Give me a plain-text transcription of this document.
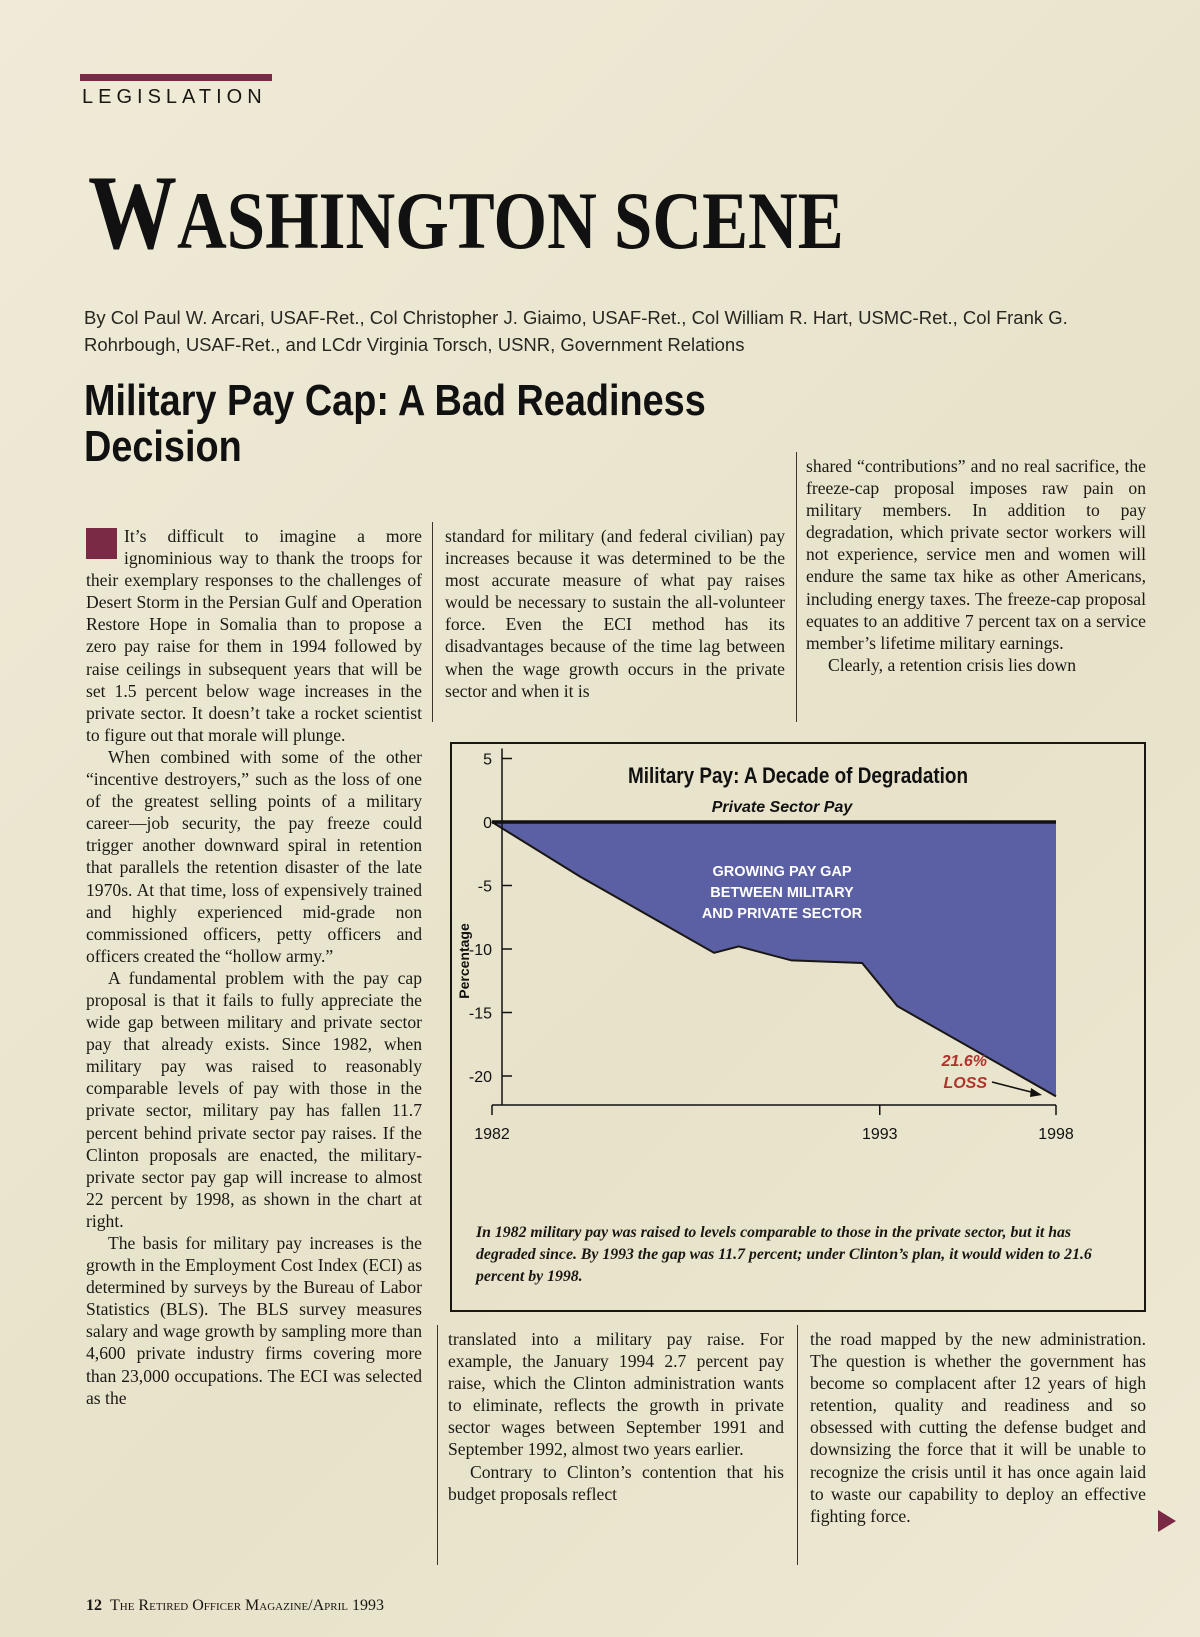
LEGISLATION
WASHINGTON SCENE
By Col Paul W. Arcari, USAF-Ret., Col Christopher J. Giaimo, USAF-Ret., Col William R. Hart, USMC-Ret., Col Frank G. Rohrbough, USAF-Ret., and LCdr Virginia Torsch, USNR, Government Relations
Military Pay Cap: A Bad Readiness Decision

It’s difficult to imagine a more ignominious way to thank the troops for their exemplary responses to the challenges of Desert Storm in the Persian Gulf and Operation Restore Hope in Somalia than to propose a zero pay raise for them in 1994 followed by raise ceilings in subsequent years that will be set 1.5 percent below wage increases in the private sector. It doesn’t take a rocket scientist to figure out that morale will plunge.

When combined with some of the other “incentive destroyers,” such as the loss of one of the greatest selling points of a military career—job security, the pay freeze could trigger another downward spiral in retention that parallels the retention disaster of the late 1970s. At that time, loss of expensively trained and highly experienced mid-grade non commissioned officers, petty officers and officers created the “hollow army.”

A fundamental problem with the pay cap proposal is that it fails to fully appreciate the wide gap between military and private sector pay that already exists. Since 1982, when military pay was raised to reasonably comparable levels of pay with those in the private sector, military pay has fallen 11.7 percent behind private sector pay raises. If the Clinton proposals are enacted, the military-private sector pay gap will increase to almost 22 percent by 1998, as shown in the chart at right.

The basis for military pay increases is the growth in the Employment Cost Index (ECI) as determined by surveys by the Bureau of Labor Statistics (BLS). The BLS survey measures salary and wage growth by sampling more than 4,600 private industry firms covering more than 23,000 occupations. The ECI was selected as the

standard for military (and federal civilian) pay increases because it was determined to be the most accurate measure of what pay raises would be necessary to sustain the all-volunteer force. Even the ECI method has its disadvantages because of the time lag between when the wage growth occurs in the private sector and when it is

shared “contributions” and no real sacrifice, the freeze-cap proposal imposes raw pain on military members. In addition to pay degradation, which private sector workers will not experience, service men and women will endure the same tax hike as other Americans, including energy taxes. The freeze-cap proposal equates to an additive 7 percent tax on a service member’s lifetime military earnings.

Clearly, a retention crisis lies down

Military Pay: A Decade of Degradation
5
0
-5
-10
-15
-20
1982	1993	1998
Private Sector Pay
GROWING PAY GAP
BETWEEN MILITARY
AND PRIVATE SECTOR
21.6%
LOSS
Percentage
In 1982 military pay was raised to levels comparable to those in the private sector, but it has degraded since. By 1993 the gap was 11.7 percent; under Clinton’s plan, it would widen to 21.6 percent by 1998.

translated into a military pay raise. For example, the January 1994 2.7 percent pay raise, which the Clinton administration wants to eliminate, reflects the growth in private sector wages between September 1991 and September 1992, almost two years earlier.

Contrary to Clinton’s contention that his budget proposals reflect

the road mapped by the new administration. The question is whether the government has become so complacent after 12 years of high retention, quality and readiness and so obsessed with cutting the defense budget and downsizing the force that it will be unable to recognize the crisis until it has once again laid to waste our capability to deploy an effective fighting force.

12 The Retired Officer Magazine/April 1993
